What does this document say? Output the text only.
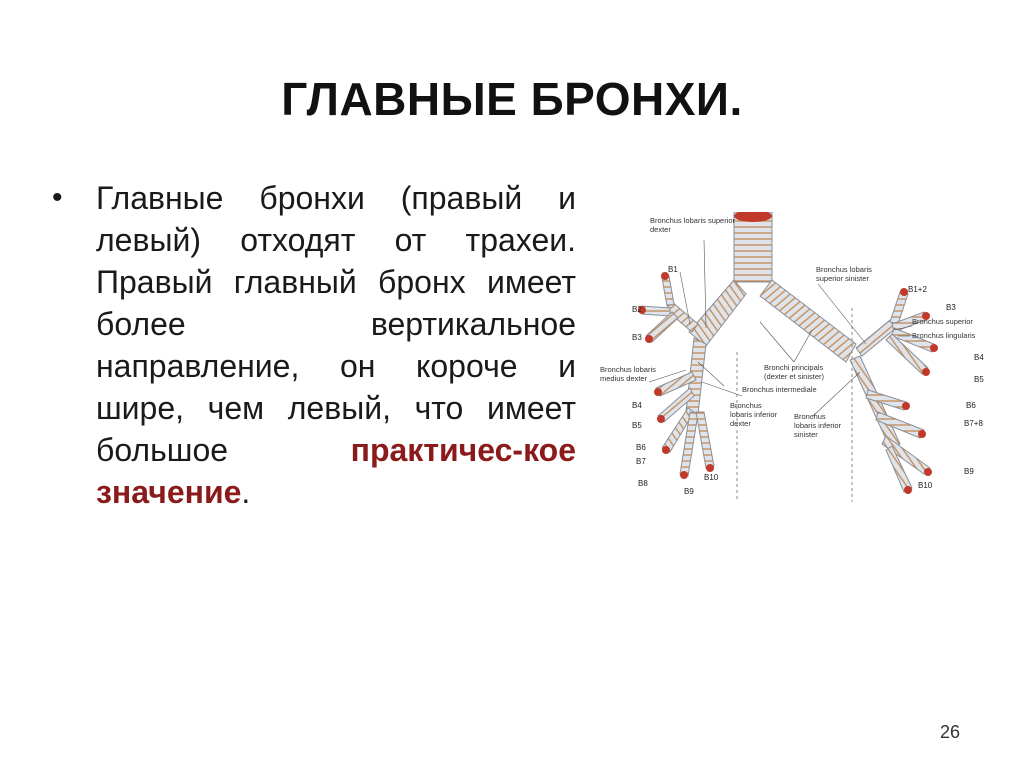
ГЛАВНЫЕ БРОНХИ.
• Главные бронхи (правый и левый) отходят от трахеи. Правый главный бронх имеет более вертикальное направление, он короче и шире, чем левый, что имеет большое практичес-кое значение.
Bronchus lobaris superior
dexter
Bronchus lobaris
superior sinister
Bronchus superior
Bronchus lingularis
Bronchus lobaris
medius dexter
Bronchi principals
(dexter et sinister)
Bronchus intermediale
Bronchus
lobaris inferior
dexter
Bronchus
lobaris inferior
sinister
B1
B2
B3
B4
B5
B6
B7
B8
B9
B10
B1+2
B3
B4
B5
B6
B7+8
B9
B10
26
